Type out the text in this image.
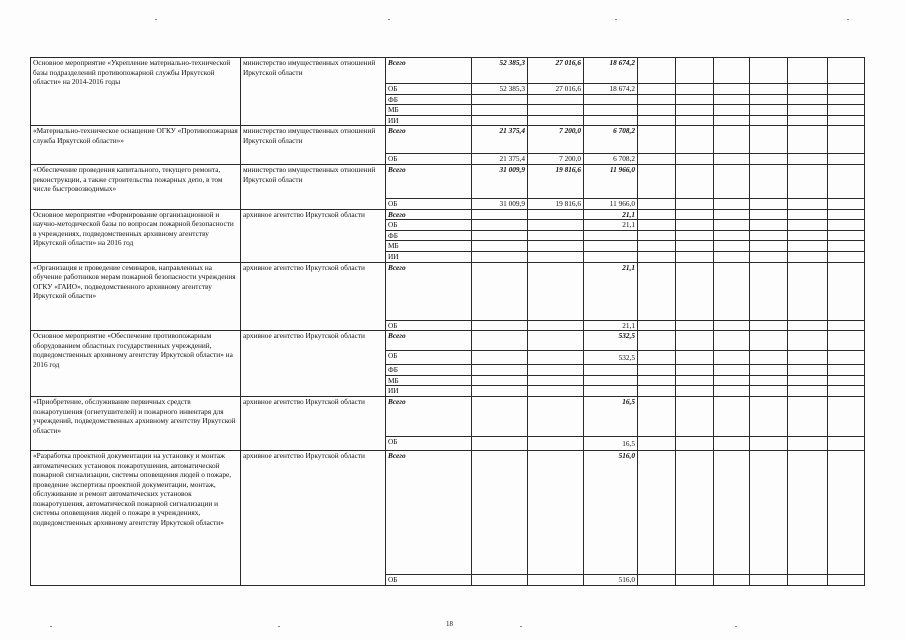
Основное мероприятие «Укрепление материально-технической базы подразделений противопожарной службы Иркутской области» на 2014-2016 годы	министерство имущественных отношений Иркутской области	Всего	52 385,3	27 016,6	18 674,2						
		ОБ	52 385,3	27 016,6	18 674,2						
		ФБ									
		МБ									
		ИИ									
«Материально-техническое оснащение ОГКУ «Противопожарная служба Иркутской области»»	министерство имущественных отношений Иркутской области	Всего	21 375,4	7 200,0	6 708,2						
		ОБ	21 375,4	7 200,0	6 708,2						
«Обеспечение проведения капитального, текущего ремонта, реконструкции, а также строительства пожарных депо, в том числе быстровозводимых»	министерство имущественных отношений Иркутской области	Всего	31 009,9	19 816,6	11 966,0						
		ОБ	31 009,9	19 816,6	11 966,0						
Основное мероприятие «Формирование организационной и научно-методической базы по вопросам пожарной безопасности в учреждениях, подведомственных архивному агентству Иркутской области» на 2016 год	архивное агентство Иркутской области	Всего			21,1						
		ОБ			21,1						
		ФБ									
		МБ									
		ИИ									
«Организация и проведение семинаров, направленных на обучение работников мерам пожарной безопасности учреждения ОГКУ «ГАИО», подведомственного архивному агентству Иркутской области»	архивное агентство Иркутской области	Всего			21,1						
		ОБ			21,1						
Основное мероприятие «Обеспечение противопожарным оборудованием областных государственных учреждений, подведомственных архивному агентству Иркутской области» на 2016 год	архивное агентство Иркутской области	Всего			532,5						
		ОБ			532,5						
		ФБ									
		МБ									
		ИИ									
«Приобретение, обслуживание первичных средств пожаротушения (огнетушителей) и пожарного инвентаря для учреждений, подведомственных архивному агентству Иркутской области»	архивное агентство Иркутской области	Всего			16,5						
		ОБ			16,5						
«Разработка проектной документации на установку и монтаж автоматических установок пожаротушения, автоматической пожарной сигнализации, системы оповещения людей о пожаре, проведение экспертизы проектной документации, монтаж, обслуживание и ремонт автоматических установок пожаротушения, автоматической пожарной сигнализации и системы оповещения людей о пожаре в учреждениях, подведомственных архивному агентству Иркутской области»	архивное агентство Иркутской области	Всего			516,0						
		ОБ			516,0						
18
